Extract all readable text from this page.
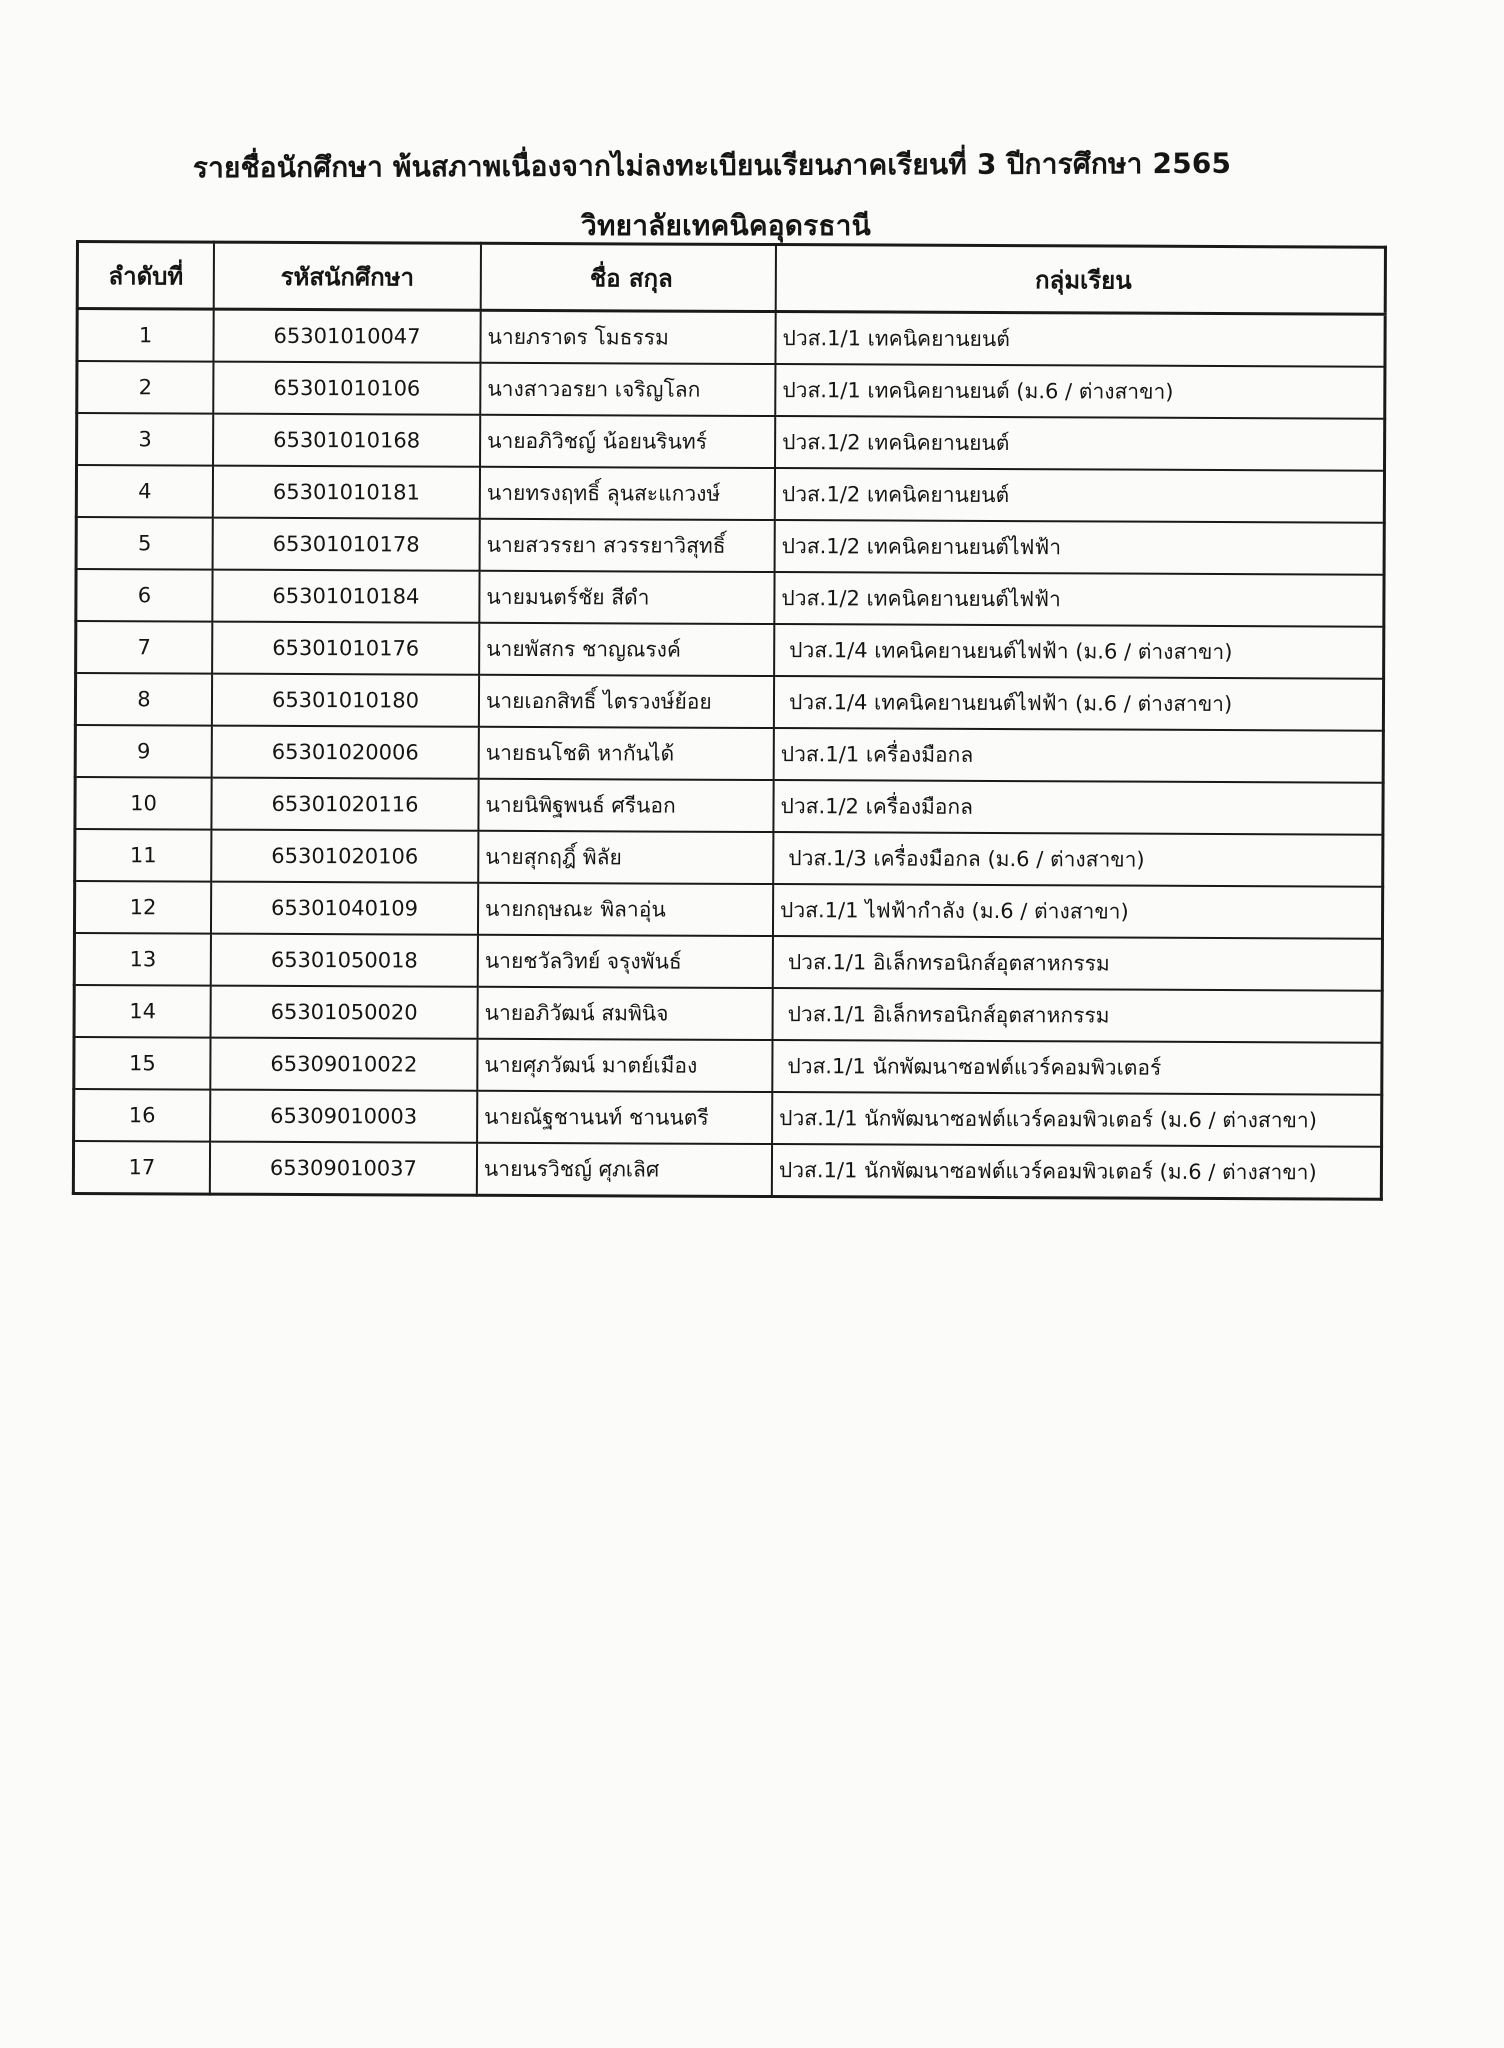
รายชื่อนักศึกษา พ้นสภาพเนื่องจากไม่ลงทะเบียนเรียนภาคเรียนที่ 3 ปีการศึกษา 2565
วิทยาลัยเทคนิคอุดรธานี
ลำดับที่	รหัสนักศึกษา	ชื่อ สกุล	กลุ่มเรียน
1	65301010047	นายภราดร โมธรรม	ปวส.1/1 เทคนิคยานยนต์
2	65301010106	นางสาวอรยา เจริญโลก	ปวส.1/1 เทคนิคยานยนต์ (ม.6 / ต่างสาขา)
3	65301010168	นายอภิวิชญ์ น้อยนรินทร์	ปวส.1/2 เทคนิคยานยนต์
4	65301010181	นายทรงฤทธิ์ ลุนสะแกวงษ์	ปวส.1/2 เทคนิคยานยนต์
5	65301010178	นายสวรรยา สวรรยาวิสุทธิ์	ปวส.1/2 เทคนิคยานยนต์ไฟฟ้า
6	65301010184	นายมนตร์ชัย สีดำ	ปวส.1/2 เทคนิคยานยนต์ไฟฟ้า
7	65301010176	นายพัสกร ชาญณรงค์	ปวส.1/4 เทคนิคยานยนต์ไฟฟ้า (ม.6 / ต่างสาขา)
8	65301010180	นายเอกสิทธิ์ ไตรวงษ์ย้อย	ปวส.1/4 เทคนิคยานยนต์ไฟฟ้า (ม.6 / ต่างสาขา)
9	65301020006	นายธนโชติ หากันได้	ปวส.1/1 เครื่องมือกล
10	65301020116	นายนิพิฐพนธ์ ศรีนอก	ปวส.1/2 เครื่องมือกล
11	65301020106	นายสุกฤฎิ์ พิลัย	ปวส.1/3 เครื่องมือกล (ม.6 / ต่างสาขา)
12	65301040109	นายกฤษณะ พิลาอุ่น	ปวส.1/1 ไฟฟ้ากำลัง (ม.6 / ต่างสาขา)
13	65301050018	นายชวัลวิทย์ จรุงพันธ์	ปวส.1/1 อิเล็กทรอนิกส์อุตสาหกรรม
14	65301050020	นายอภิวัฒน์ สมพินิจ	ปวส.1/1 อิเล็กทรอนิกส์อุตสาหกรรม
15	65309010022	นายศุภวัฒน์ มาตย์เมือง	ปวส.1/1 นักพัฒนาซอฟต์แวร์คอมพิวเตอร์
16	65309010003	นายณัฐชานนท์ ชานนตรี	ปวส.1/1 นักพัฒนาซอฟต์แวร์คอมพิวเตอร์ (ม.6 / ต่างสาขา)
17	65309010037	นายนรวิชญ์ ศุภเลิศ	ปวส.1/1 นักพัฒนาซอฟต์แวร์คอมพิวเตอร์ (ม.6 / ต่างสาขา)
